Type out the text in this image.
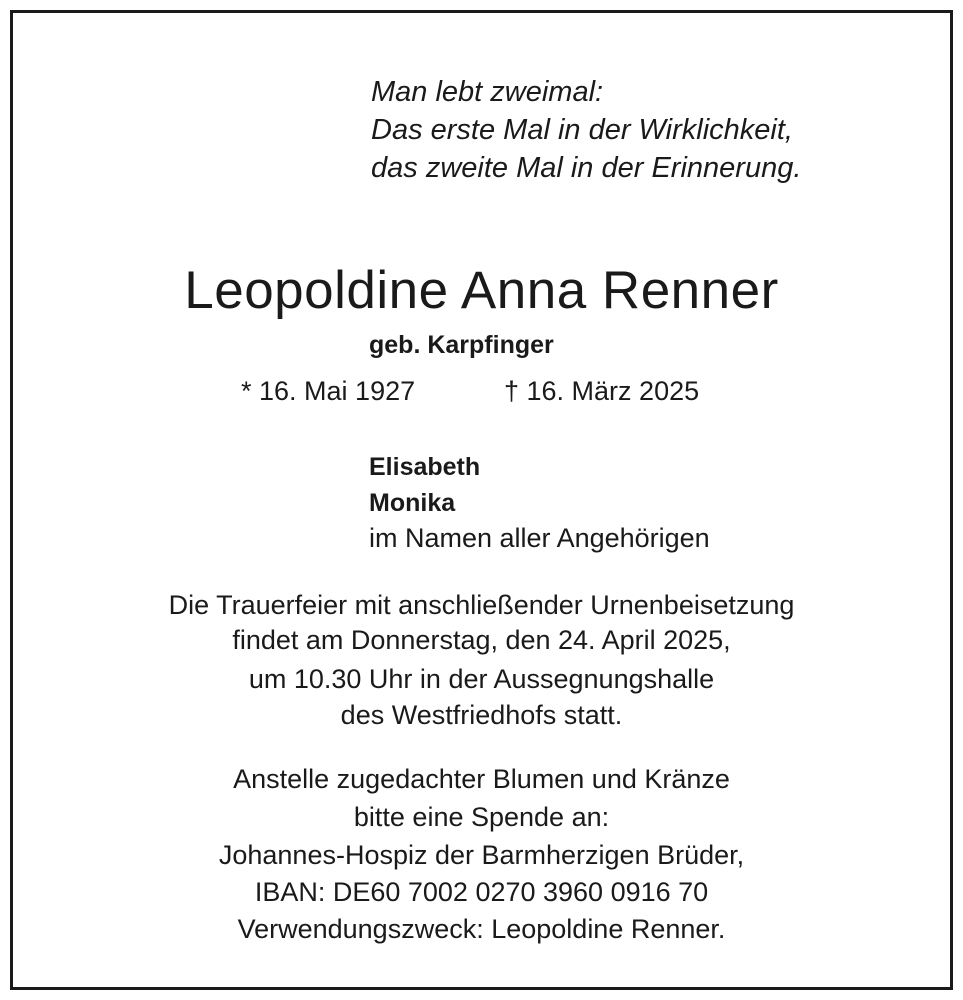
Man lebt zweimal:
Das erste Mal in der Wirklichkeit,
das zweite Mal in der Erinnerung.
Leopoldine Anna Renner
geb. Karpfinger
* 16. Mai 1927	† 16. März 2025
Elisabeth
Monika
im Namen aller Angehörigen
Die Trauerfeier mit anschließender Urnenbeisetzung
findet am Donnerstag, den 24. April 2025,
um 10.30 Uhr in der Aussegnungshalle
des Westfriedhofs statt.
Anstelle zugedachter Blumen und Kränze
bitte eine Spende an:
Johannes-Hospiz der Barmherzigen Brüder,
IBAN: DE60 7002 0270 3960 0916 70
Verwendungszweck: Leopoldine Renner.
